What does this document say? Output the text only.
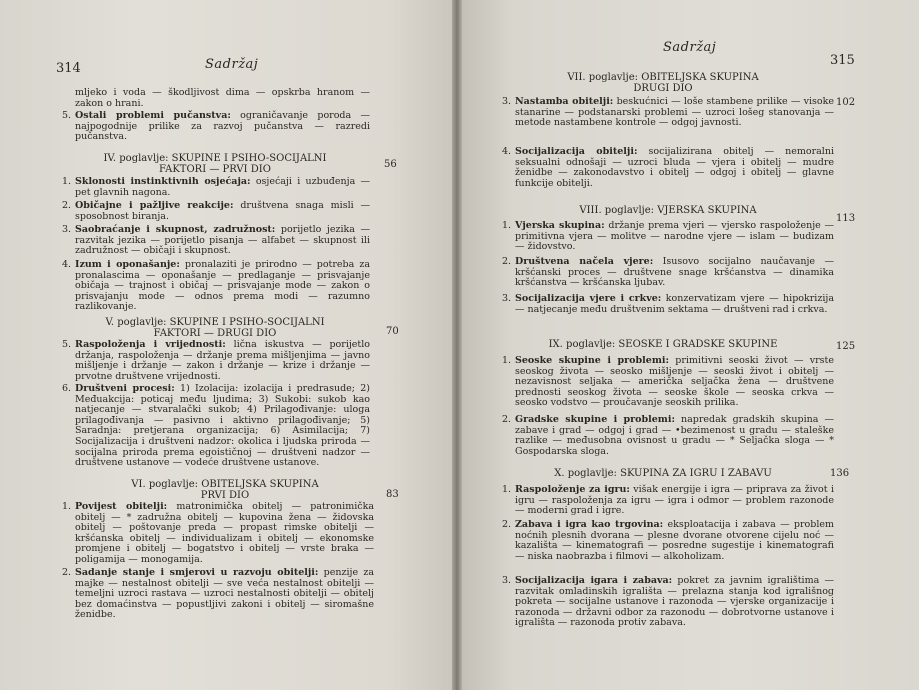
314	Sadržaj
mljeko i voda — škodljivost dima — opskrba hranom — zakon o hrani.
5. Ostali problemi pučanstva: ograničavanje poroda — najpogodnije prilike za razvoj pučanstva — razredi pučanstva.
IV. poglavlje: SKUPINE I PSIHO-SOCIJALNI
FAKTORI — PRVI DIO	56
1. Sklonosti instinktivnih osjećaja: osjećaji i uzbuđenja — pet glavnih nagona.
2. Običajne i pažljive reakcije: društvena snaga misli — sposobnost biranja.
3. Saobraćanje i skupnost, zadružnost: porijetlo jezika — razvitak jezika — porijetlo pisanja — alfabet — skupnost ili zadružnost — običaji i skupnost.
4. Izum i oponašanje: pronalaziti je prirodno — potreba za pronalascima — oponašanje — predlaganje — prisvajanje običaja — trajnost i običaj — prisvajanje mode — zakon o prisvajanju mode — odnos prema modi — razumno razlikovanje.
V. poglavlje: SKUPINE I PSIHO-SOCIJALNI
FAKTORI — DRUGI DIO	70
5. Raspoloženja i vrijednosti: lična iskustva — porijetlo držanja, raspoloženja — držanje prema mišljenjima — javno mišljenje i držanje — zakon i držanje — krize i držanje — prvotne društvene vrijednosti.
6. Društveni procesi: 1) Izolacija: izolacija i predrasude; 2) Međuakcija: poticaj među ljudima; 3) Sukobi: sukob kao natjecanje — stvaralački sukob; 4) Prilagođivanje: uloga prilagođivanja — pasivno i aktivno prilagođivanje; 5) Saradnja: pretjerana organizacija; 6) Asimilacija; 7) Socijalizacija i društveni nadzor: okolica i ljudska priroda — socijalna priroda prema egoističnoj — društveni nadzor — društvene ustanove — vodeće društvene ustanove.
VI. poglavlje: OBITELJSKA SKUPINA
PRVI DIO	83
1. Povijest obitelji: matronimička obitelj — patronimička obitelj — * zadružna obitelj — kupovina žena — židovska obitelj — poštovanje preda — propast rimske obitelji — kršćanska obitelj — individualizam i obitelj — ekonomske promjene i obitelj — bogatstvo i obitelj — vrste braka — poligamija — monogamija.
2. Sadanje stanje i smjerovi u razvoju obitelji: penzije za majke — nestalnost obitelji — sve veća nestalnost obitelji — temeljni uzroci rastava — uzroci nestalnosti obitelji — obitelj bez domaćinstva — popustljivi zakoni i obitelj — siromašne ženidbe.
Sadržaj
315
VII. poglavlje: OBITELJSKA SKUPINA
DRUGI DIO
102
3. Nastamba obitelji: beskućnici — loše stambene prilike — visoke stanarine — podstanarski problemi — uzroci lošeg stanovanja — metode nastambene kontrole — odgoj javnosti.
4. Socijalizacija obitelji: socijalizirana obitelj — nemoralni seksualni odnošaji — uzroci bluda — vjera i obitelj — mudre ženidbe — zakonodavstvo i obitelj — odgoj i obitelj — glavne funkcije obitelji.
VIII. poglavlje: VJERSKA SKUPINA
113
1. Vjerska skupina: držanje prema vjeri — vjersko raspoloženje — primitivna vjera — molitve — narodne vjere — islam — budizam — židovstvo.
2. Društvena načela vjere: Isusovo socijalno naučavanje — kršćanski proces — društvene snage kršćanstva — dinamika kršćanstva — kršćanska ljubav.
3. Socijalizacija vjere i crkve: konzervatizam vjere — hipokrizija — natjecanje među društvenim sektama — društveni rad i crkva.
IX. poglavlje: SEOSKE I GRADSKE SKUPINE	125
1. Seoske skupine i problemi: primitivni seoski život — vrste seoskog života — seosko mišljenje — seoski život i obitelj — nezavisnost seljaka — američka seljačka žena — društvene prednosti seoskog života — seoske škole — seoska crkva — seosko vodstvo — proučavanje seoskih prilika.
2. Gradske skupine i problemi: napredak gradskih skupina — zabave i grad — odgoj i grad — •bezimenost u gradu — staleške razlike — međusobna ovisnost u gradu — * Seljačka sloga — * Gospodarska sloga.
X. poglavlje: SKUPINA ZA IGRU I ZABAVU	136
1. Raspoloženje za igru: višak energije i igra — priprava za život i igru — raspoloženja za igru — igra i odmor — problem razonode — moderni grad i igre.
2. Zabava i igra kao trgovina: eksploatacija i zabava — problem noćnih plesnih dvorana — plesne dvorane otvorene cijelu noć — kazališta — kinematografi — posredne sugestije i kinematografi — niska naobrazba i filmovi — alkoholizam.
3. Socijalizacija igara i zabava: pokret za javnim igralištima — razvitak omladinskih igrališta — prelazna stanja kod igrališnog pokreta — socijalne ustanove i razonoda — vjerske organizacije i razonoda — državni odbor za razonodu — dobrotvorne ustanove i igrališta — razonoda protiv zabava.
